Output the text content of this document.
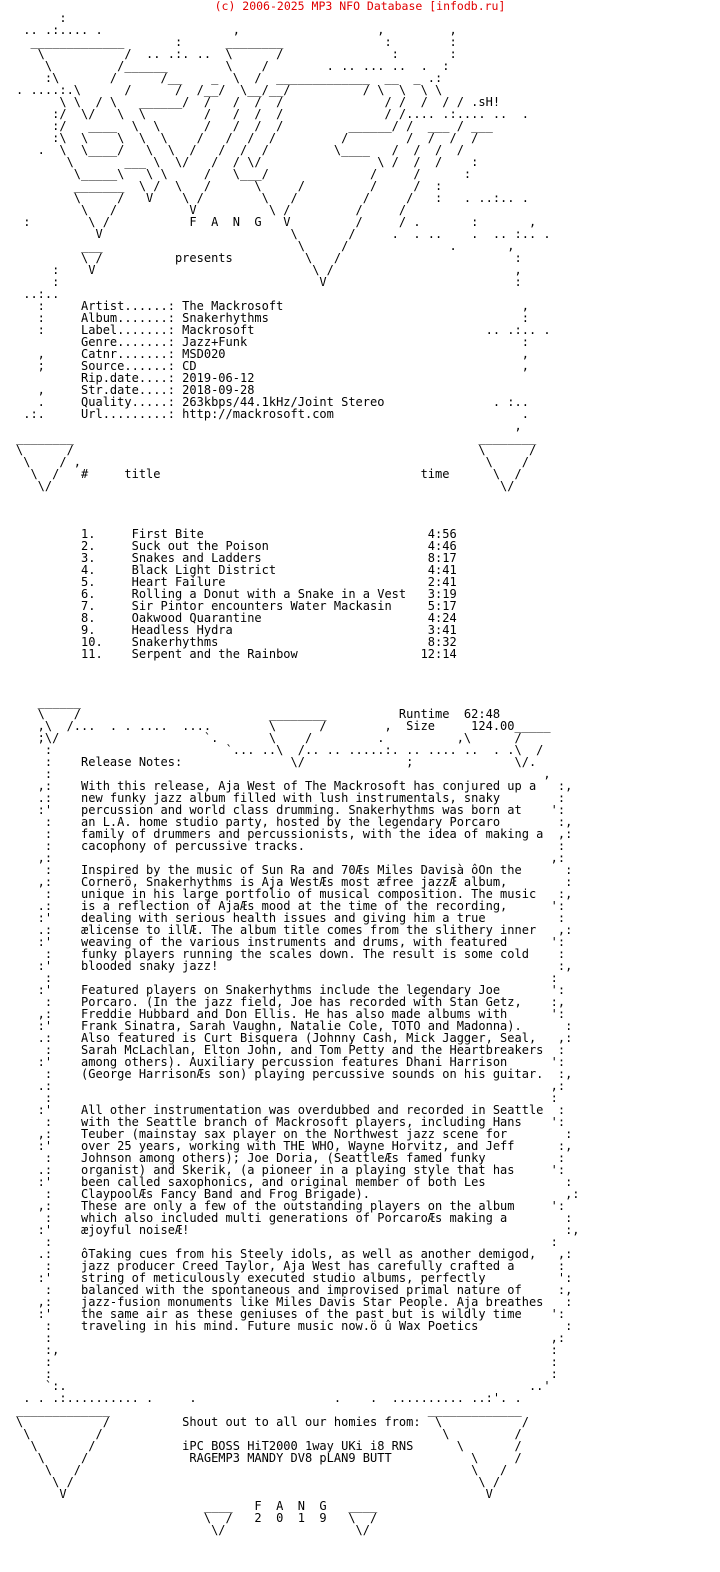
(c) 2006-2025 MP3 NFO Database [infodb.ru]
:
.. .:.... .                  ,                   ,         ,
_____________       :      ________              :        :
\           /  .. .:. ..  \      /               :       :
\         /______        \    /        . .. ... ..  .  :
:\       /      /__    _  \  /  _____________  __  _ .:
. ....:.\      /      /  /__/  \__/__/          / \  \  \ \
\ \  / \   ______/  /   /  /  /              / /  /  / / .sH!
:/  \/   \  \        /   /  /  /              / /.... .:.... ..  .
:/   ____  \  \      /   /  /  /         ______/ /  ___ / ___
:\  \    \  \  \    /   /  /  /         /        /  /  /  /
.  \  \____/   \  \  /   /  /  /         \____   /  /  /  /
\       ___ \  \/   /  / \/                \ /  /  /    :
\_____\   \ \     /   \___/              /     /      :
_______  \ /  \   /      \     /         /     /  :
\     /   V    \ /        \   /         /     /   :   . ..:.. .
\   /          V          \ /         /     /
:        \ /           F  A  N  G   V         /     / .       :       ,
V                          \       /     .  . ..    .  .. :.. .
___                           \     /              .       ,
\ /          presents          \   /                        :
:    V                              \ /                         ,
:                                    V                          :
..:..
:     Artist......: The Mackrosoft                                 ,
:     Album.......: Snakerhythms                                   :
:     Label.......: Mackrosoft                                .. .:.. .
Genre.......: Jazz+Funk                                      :
,     Catnr.......: MSD020                                         ,
;     Source......: CD                                             ,
Rip.date....: 2019-06-12
,     Str.date....: 2018-09-28
.     Quality.....: 263kbps/44.1kHz/Joint Stereo               . :..
.:.     Url.........: http://mackrosoft.com                          .
,
________                                                        ________
\      /                                                        \      /
\    / ,                                                        \    /
\  /   #     title                                    time      \  /
\/                                                              \/
1.     First Bite                               4:56
2.     Suck out the Poison                      4:46
3.     Snakes and Ladders                       8:17
4.     Black Light District                     4:41
5.     Heart Failure                            2:41
6.     Rolling a Donut with a Snake in a Vest   3:19
7.     Sir Pintor encounters Water Mackasin     5:17
8.     Oakwood Quarantine                       4:24
9.     Headless Hydra                           3:41
10.    Snakerhythms                             8:32
11.    Serpent and the Rainbow                 12:14
______
\    /                          ________          Runtime  62:48
,\  /...  . . ....  ....        \      /        ,  Size     124.00_____
;\/                    `.       \    /         .          ,\      /
:                        `... ..\  /.. .. .....:. .. .... ..  . .\  /
:    Release Notes:               \/              ;              \/.
:                                                                    ,
,:    With this release, Aja West of The Mackrosoft has conjured up a   :,
.:    new funky jazz album filled with lush instrumentals, snaky        :
:'    percussion and world class drumming. Snakerhythms was born at    ':
:    an L.A. home studio party, hosted by the legendary Porcaro        :,
:    family of drummers and percussionists, with the idea of making a  ,:
:    cacophony of percussive tracks.                                   :
,:                                                                     ,:
:    Inspired by the music of Sun Ra and 70Æs Miles Davisà ôOn the      :
,:    Cornerö, Snakerhythms is Aja WestÆs most æfree jazzÆ album,        :
:    unique in his large portfolio of musical composition. The music   :,
.:    is a reflection of AjaÆs mood at the time of the recording,      ':
:'    dealing with serious health issues and giving him a true          :
.:    ælicense to illÆ. The album title comes from the slithery inner   ,:
:'    weaving of the various instruments and drums, with featured      ':
:    funky players running the scales down. The result is some cold    :
:'    blooded snaky jazz!                                               :,
:                                                                     :
:'    Featured players on Snakerhythms include the legendary Joe       ':
:    Porcaro. (In the jazz field, Joe has recorded with Stan Getz,    :,
,:    Freddie Hubbard and Don Ellis. He has also made albums with      ':
:'    Frank Sinatra, Sarah Vaughn, Natalie Cole, TOTO and Madonna).      :
.:    Also featured is Curt Bisquera (Johnny Cash, Mick Jagger, Seal,   ,:
:    Sarah McLachlan, Elton John, and Tom Petty and the Heartbreakers  :
:'    among others). Auxiliary percussion features Dhani Harrison      ':
:    (George HarrisonÆs son) playing percussive sounds on his guitar.  :,
.:                                                                     ,:
:                                                                     :
:'    All other instrumentation was overdubbed and recorded in Seattle  :
:    with the Seattle branch of Mackrosoft players, including Hans    ':
,:    Teuber (mainstay sax player on the Northwest jazz scene for        :
:'    over 25 years, working with THE WHO, Wayne Horvitz, and Jeff      :,
:    Johnson among others); Joe Doria, (SeattleÆs famed funky          :
.:    organist) and Skerik, (a pioneer in a playing style that has     ':
:'    been called saxophonics, and original member of both Les           :
:    ClaypoolÆs Fancy Band and Frog Brigade).                           ,:
,:    These are only a few of the outstanding players on the album     ':
:    which also included multi generations of PorcaroÆs making a        :
:'    æjoyful noiseÆ!                                                    :,
:                                                                     :
.:    ôTaking cues from his Steely idols, as well as another demigod,   ,:
:    jazz producer Creed Taylor, Aja West has carefully crafted a      :
:'    string of meticulously executed studio albums, perfectly          ':
:    balanced with the spontaneous and improvised primal nature of     :,
,:    jazz-fusion monuments like Miles Davis Star People. Aja breathes   :
:'    the same air as these geniuses of the past but is wildly time    ':
:    traveling in his mind. Future music now.ö û Wax Poetics            :
:                                                                     ,:
:,                                                                    :
:                                                                     :
:                                                                     :
`:.                                                                ..'
. . .:.......... .     .                   .    .  .......... ..:'. .
_____________                                            _____________
\           /          Shout out to all our homies from:  \           /
\         /                                               \         /
\       /            iPC BOSS HiT2000 1way UKi i8 RNS      \       /
\     /              RAGEMP3 MANDY DV8 pLAN9 BUTT           \     /
\   /                                                      \   /
\ /                                                        \ /
V                                                          V
____   F  A  N  G   ____
\  /   2  0  1  9   \  /
\/                  \/
